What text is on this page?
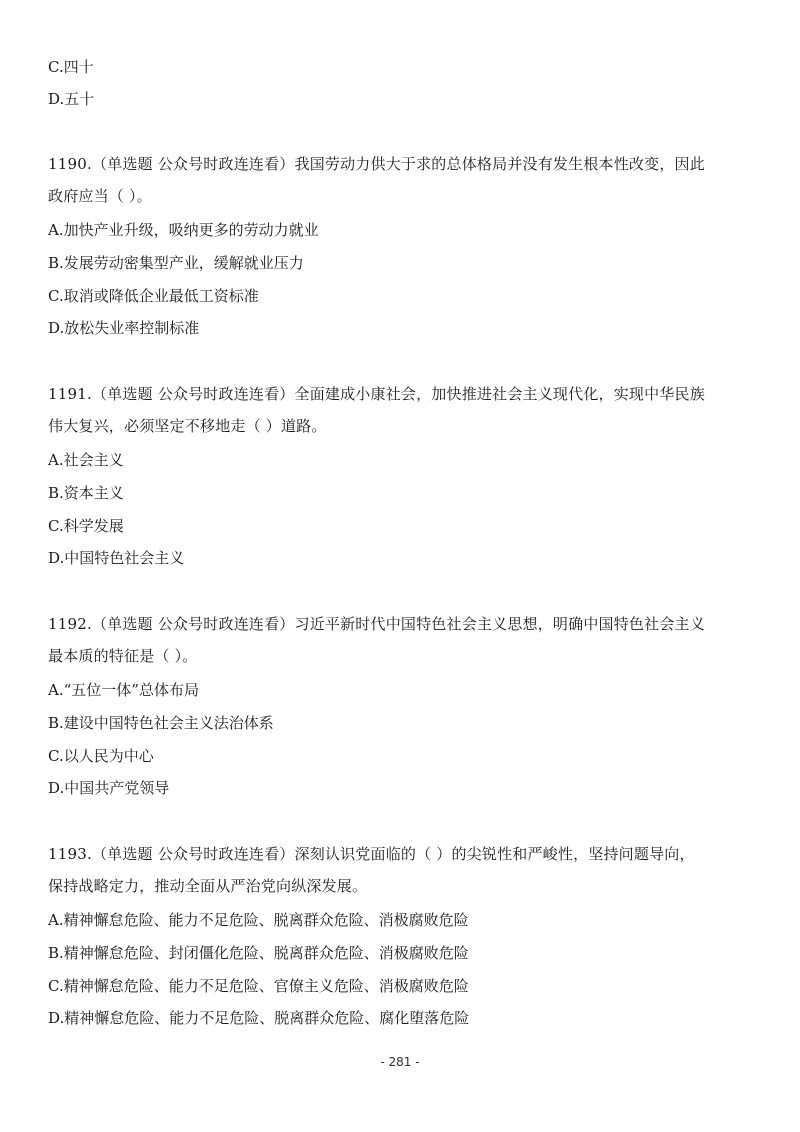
C.四十
D.五十
1190.（单选题 公众号时政连连看）我国劳动力供大于求的总体格局并没有发生根本性改变，因此
政府应当（ ）。
A.加快产业升级，吸纳更多的劳动力就业
B.发展劳动密集型产业，缓解就业压力
C.取消或降低企业最低工资标准
D.放松失业率控制标准
1191.（单选题 公众号时政连连看）全面建成小康社会，加快推进社会主义现代化，实现中华民族
伟大复兴，必须坚定不移地走（ ）道路。
A.社会主义
B.资本主义
C.科学发展
D.中国特色社会主义
1192.（单选题 公众号时政连连看）习近平新时代中国特色社会主义思想，明确中国特色社会主义
最本质的特征是（ ）。
A.“五位一体”总体布局
B.建设中国特色社会主义法治体系
C.以人民为中心
D.中国共产党领导
1193.（单选题 公众号时政连连看）深刻认识党面临的（ ）的尖锐性和严峻性，坚持问题导向，
保持战略定力，推动全面从严治党向纵深发展。
A.精神懈怠危险、能力不足危险、脱离群众危险、消极腐败危险
B.精神懈怠危险、封闭僵化危险、脱离群众危险、消极腐败危险
C.精神懈怠危险、能力不足危险、官僚主义危险、消极腐败危险
D.精神懈怠危险、能力不足危险、脱离群众危险、腐化堕落危险
- 281 -
